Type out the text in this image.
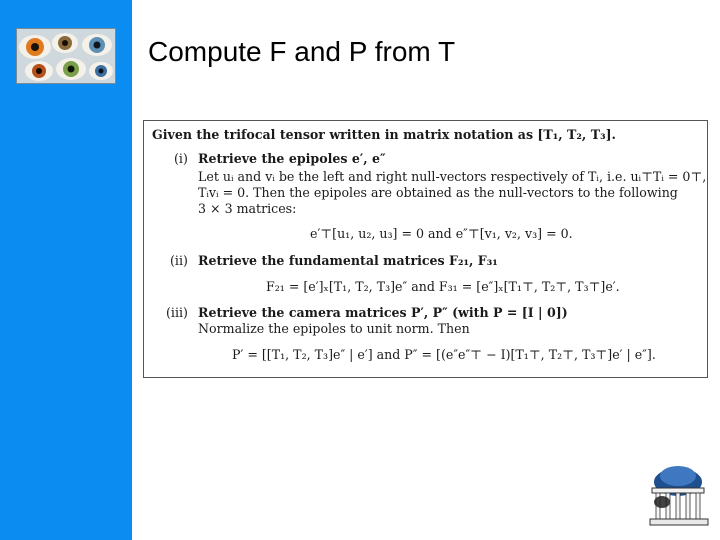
Compute F and P from T
Given the trifocal tensor written in matrix notation as [T₁, T₂, T₃].
(i) Retrieve the epipoles e′, e″
Let uᵢ and vᵢ be the left and right null-vectors respectively of Tᵢ, i.e. uᵢ⊤Tᵢ = 0⊤,
Tᵢvᵢ = 0. Then the epipoles are obtained as the null-vectors to the following
3 × 3 matrices:
e′⊤[u₁, u₂, u₃] = 0 and e″⊤[v₁, v₂, v₃] = 0.
(ii) Retrieve the fundamental matrices F₂₁, F₃₁
F₂₁ = [e′]ₓ[T₁, T₂, T₃]e″ and F₃₁ = [e″]ₓ[T₁⊤, T₂⊤, T₃⊤]e′.
(iii) Retrieve the camera matrices P′, P″ (with P = [I | 0])
Normalize the epipoles to unit norm. Then
P′ = [[T₁, T₂, T₃]e″ | e′] and P″ = [(e″e″⊤ − I)[T₁⊤, T₂⊤, T₃⊤]e′ | e″].
